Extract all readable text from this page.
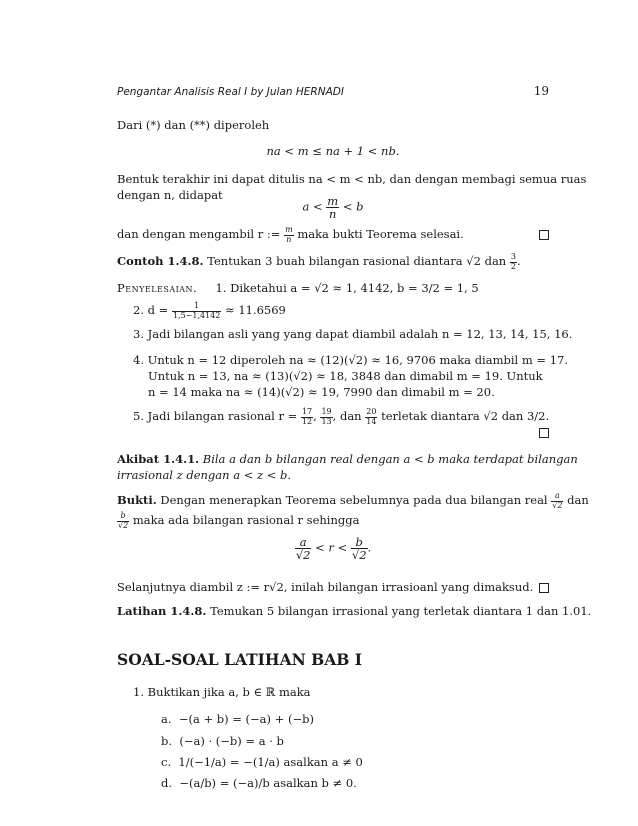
Pengantar Analisis Real I by Julan HERNADI	19
Dari (*) dan (**) diperoleh
na < m ≤ na + 1 < nb.
Bentuk terakhir ini dapat ditulis na < m < nb, dan dengan membagi semua ruas
dengan n, didapat
$a < \frac{m}{n} < b$
dan dengan mengambil r := $\frac{m}{n}$ maka bukti Teorema selesai.
Contoh 1.4.8. Tentukan 3 buah bilangan rasional diantara √2 dan $\frac{3}{2}$ .
Penyelesaian. 1. Diketahui a = √2 ≈ 1, 4142, b = 3/2 = 1, 5
2. $d = \frac{1}{1,5-1,4142} \approx 11.6569$
3. Jadi bilangan asli yang yang dapat diambil adalah n = 12, 13, 14, 15, 16.
4. Untuk n = 12 diperoleh na ≈ (12)(√2) ≈ 16, 9706 maka diambil m = 17.
Untuk n = 13, na ≈ (13)(√2) ≈ 18, 3848 dan dimabil m = 19. Untuk
n = 14 maka na ≈ (14)(√2) ≈ 19, 7990 dan dimabil m = 20.
5. Jadi bilangan rasional $r = \frac{17}{12}$ , $\frac{19}{13}$ , dan $\frac{20}{14}$ terletak diantara √2 dan 3/2.
Akibat 1.4.1. Bila a dan b bilangan real dengan a < b maka terdapat bilangan
irrasional z dengan a < z < b.
Bukti. Dengan menerapkan Teorema sebelumnya pada dua bilangan real $\frac{a}{√2}$ dan
$\frac{b}{√2}$ maka ada bilangan rasional r sehingga
$\frac{a}{√2} < r < \frac{b}{√2}$ .
Selanjutnya diambil z := r√2, inilah bilangan irrasioanl yang dimaksud.
Latihan 1.4.8. Temukan 5 bilangan irrasional yang terletak diantara 1 dan 1.01.
SOAL-SOAL LATIHAN BAB I
1. Buktikan jika a, b ∈ ℝ maka
a. −(a + b) = (−a) + (−b)
b. (−a) · (−b) = a · b
c. 1/(−1/a) = −(1/a) asalkan a ≠ 0
d. −(a/b) = (−a)/b asalkan b ≠ 0.
